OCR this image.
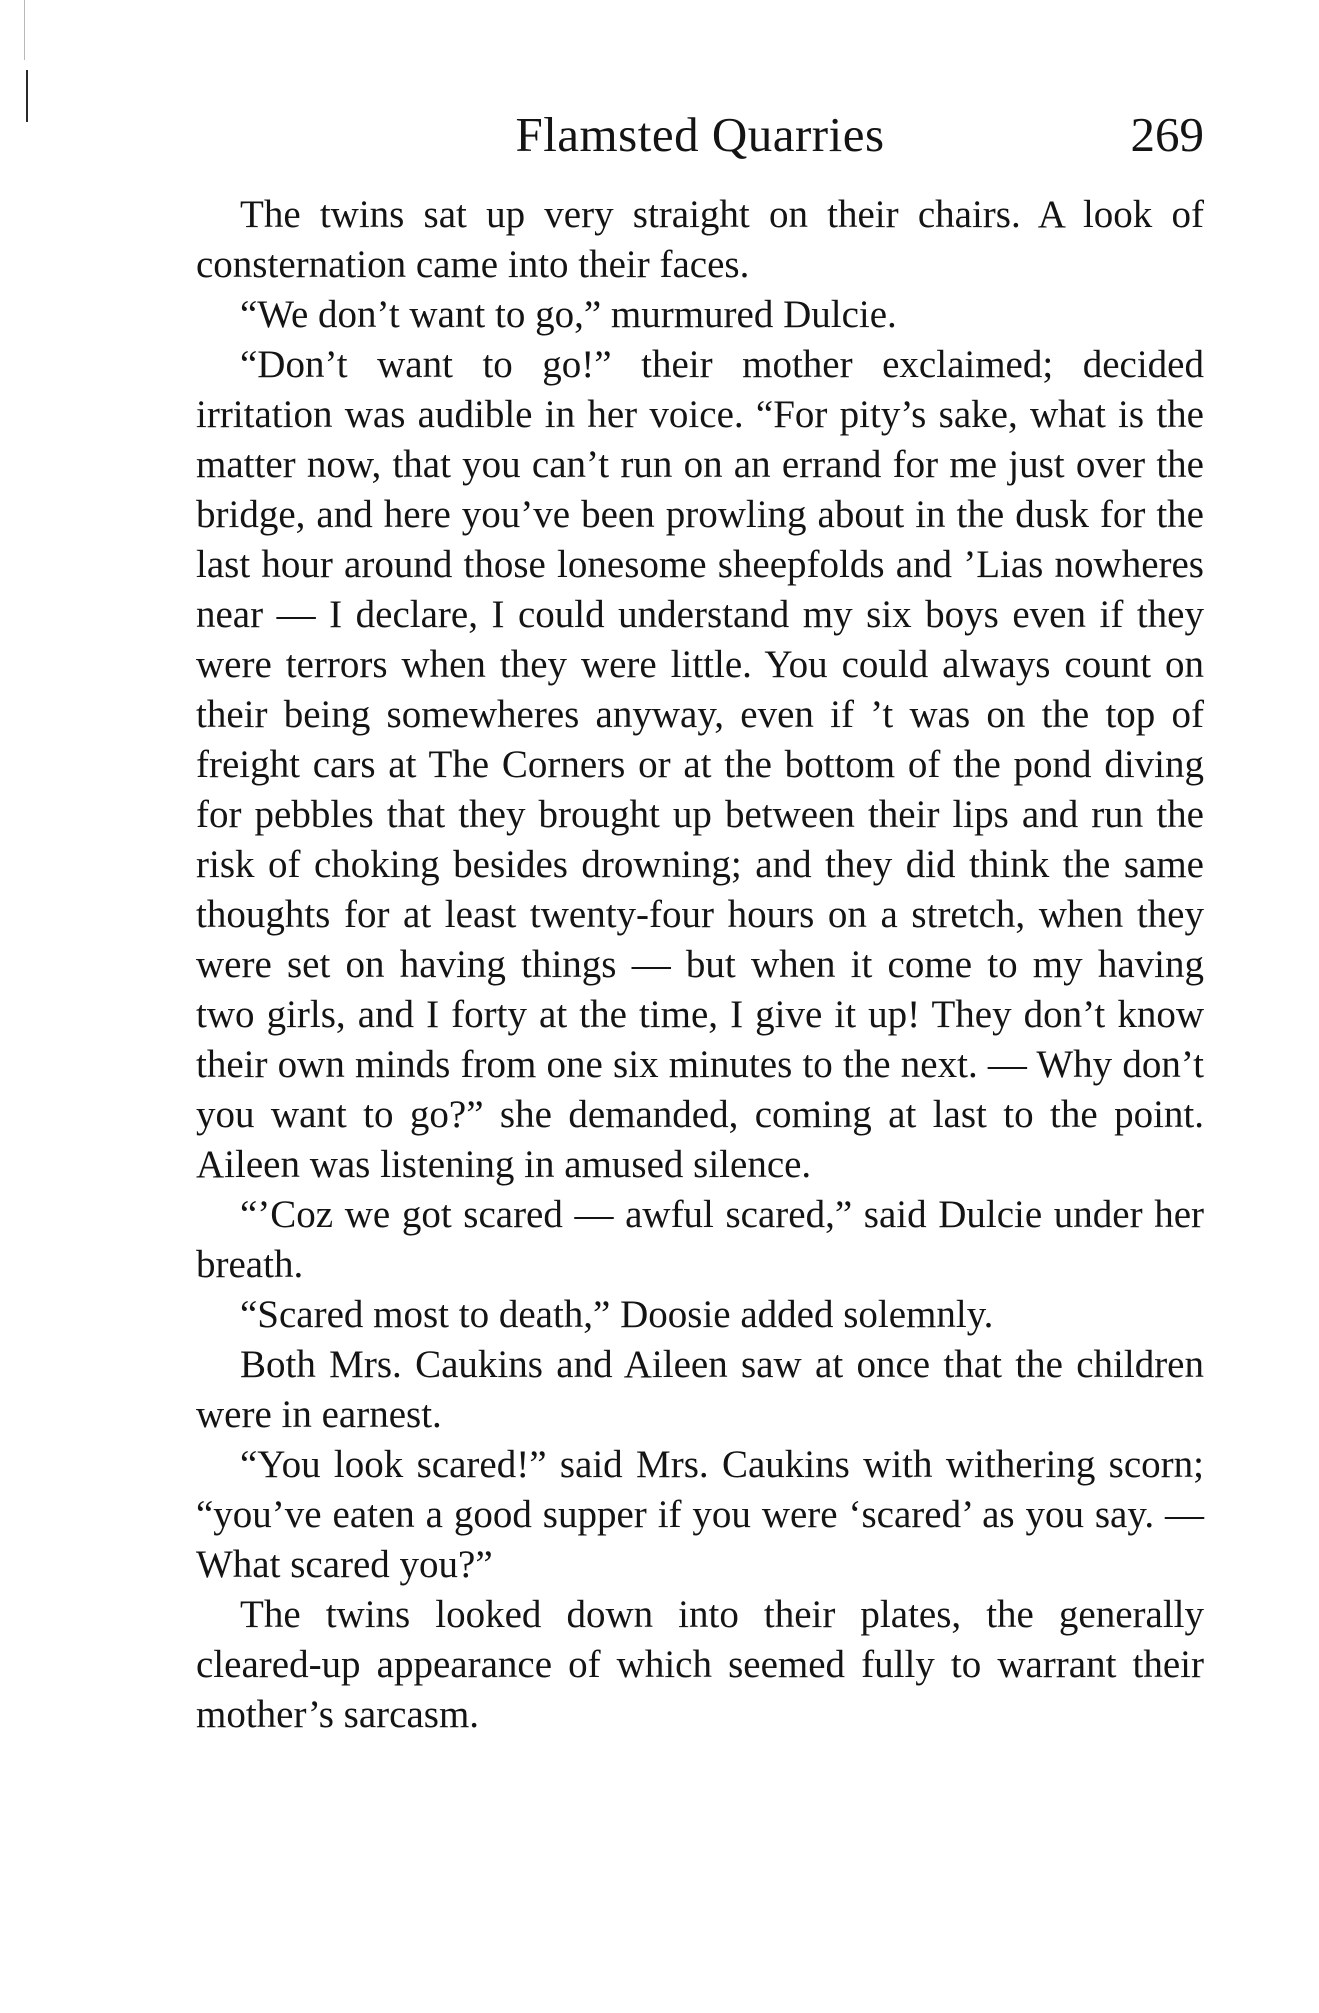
Flamsted Quarries	269

The twins sat up very straight on their chairs. A look of consternation came into their faces.

“We don’t want to go,” murmured Dulcie.

“Don’t want to go!” their mother exclaimed; decided irritation was audible in her voice. “For pity’s sake, what is the matter now, that you can’t run on an errand for me just over the bridge, and here you’ve been prowling about in the dusk for the last hour around those lonesome sheepfolds and ’Lias nowheres near — I declare, I could understand my six boys even if they were terrors when they were little. You could always count on their being somewheres anyway, even if ’t was on the top of freight cars at The Corners or at the bottom of the pond diving for pebbles that they brought up between their lips and run the risk of choking besides drowning; and they did think the same thoughts for at least twenty-four hours on a stretch, when they were set on having things — but when it come to my having two girls, and I forty at the time, I give it up! They don’t know their own minds from one six minutes to the next. — Why don’t you want to go?” she demanded, coming at last to the point. Aileen was listening in amused silence.

“’Coz we got scared — awful scared,” said Dulcie under her breath.

“Scared most to death,” Doosie added solemnly.

Both Mrs. Caukins and Aileen saw at once that the children were in earnest.

“You look scared!” said Mrs. Caukins with withering scorn; “you’ve eaten a good supper if you were ‘scared’ as you say. — What scared you?”

The twins looked down into their plates, the generally cleared-up appearance of which seemed fully to warrant their mother’s sarcasm.
